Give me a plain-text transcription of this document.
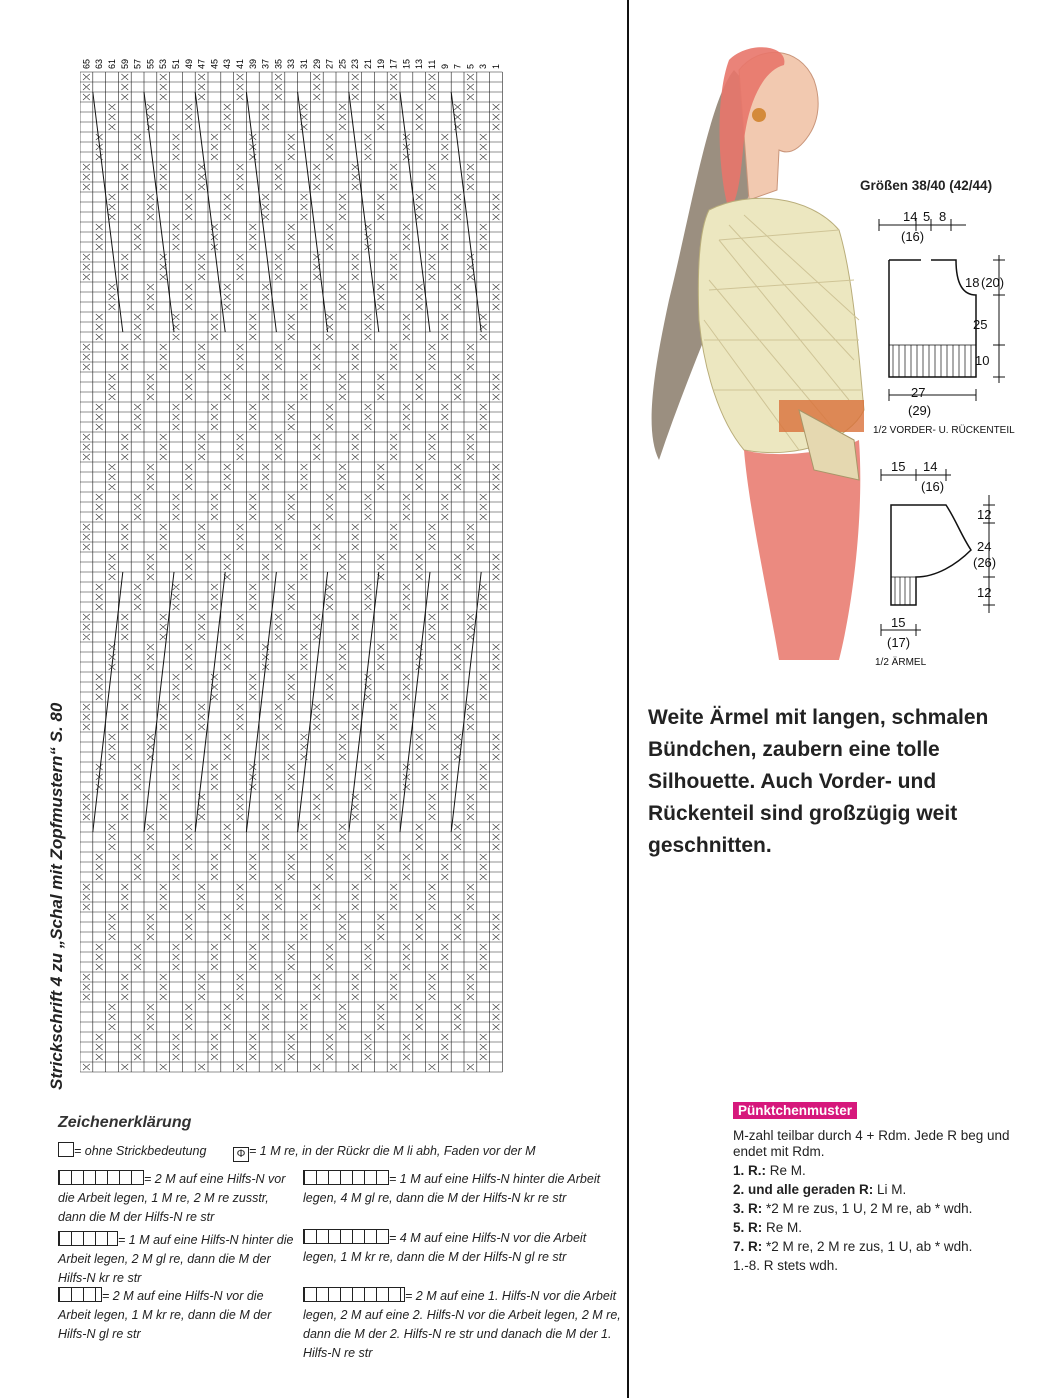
Strickschrift 4 zu „Schal mit Zopfmustern“ S. 80
65 63 61 59 57 55 53 51 49 47 45 43 41 39 37 35 33 31 29 27 25 23 21 19 17 15 13 11 9 7 5 3 1
Zeichenerklärung
= ohne Strickbedeutung	Φ = 1 M re, in der Rückr die M li abh, Faden vor der M
= 2 M auf eine Hilfs-N vor die Arbeit legen, 1 M re, 2 M re zusstr, dann die M der Hilfs-N re str
= 1 M auf eine Hilfs-N hinter die Arbeit legen, 4 M gl re, dann die M der Hilfs-N kr re str
= 1 M auf eine Hilfs-N hinter die Arbeit legen, 2 M gl re, dann die M der Hilfs-N kr re str
= 4 M auf eine Hilfs-N vor die Arbeit legen, 1 M kr re, dann die M der Hilfs-N gl re str
= 2 M auf eine Hilfs-N vor die Arbeit legen, 1 M kr re, dann die M der Hilfs-N gl re str
= 2 M auf eine 1. Hilfs-N vor die Arbeit legen, 2 M auf eine 2. Hilfs-N vor die Arbeit legen, 2 M re, dann die M der 2. Hilfs-N re str und danach die M der 1. Hilfs-N re str
Größen 38/40 (42/44)
14 5 8
(16)
18 (20)
25
10
27
(29)
1/2 VORDER- U. RÜCKENTEIL
15 14
(16)
12
24
(26)
12
15
(17)
1/2 ÄRMEL
Weite Ärmel mit langen, schmalen Bündchen, zaubern eine tolle Silhouette. Auch Vorder- und Rückenteil sind großzügig weit geschnitten.
Pünktchenmuster

M-zahl teilbar durch 4 + Rdm. Jede R beg und endet mit Rdm.

1. R.: Re M.

2. und alle geraden R: Li M.

3. R: *2 M re zus, 1 U, 2 M re, ab * wdh.

5. R: Re M.

7. R: *2 M re, 2 M re zus, 1 U, ab * wdh.

1.-8. R stets wdh.
